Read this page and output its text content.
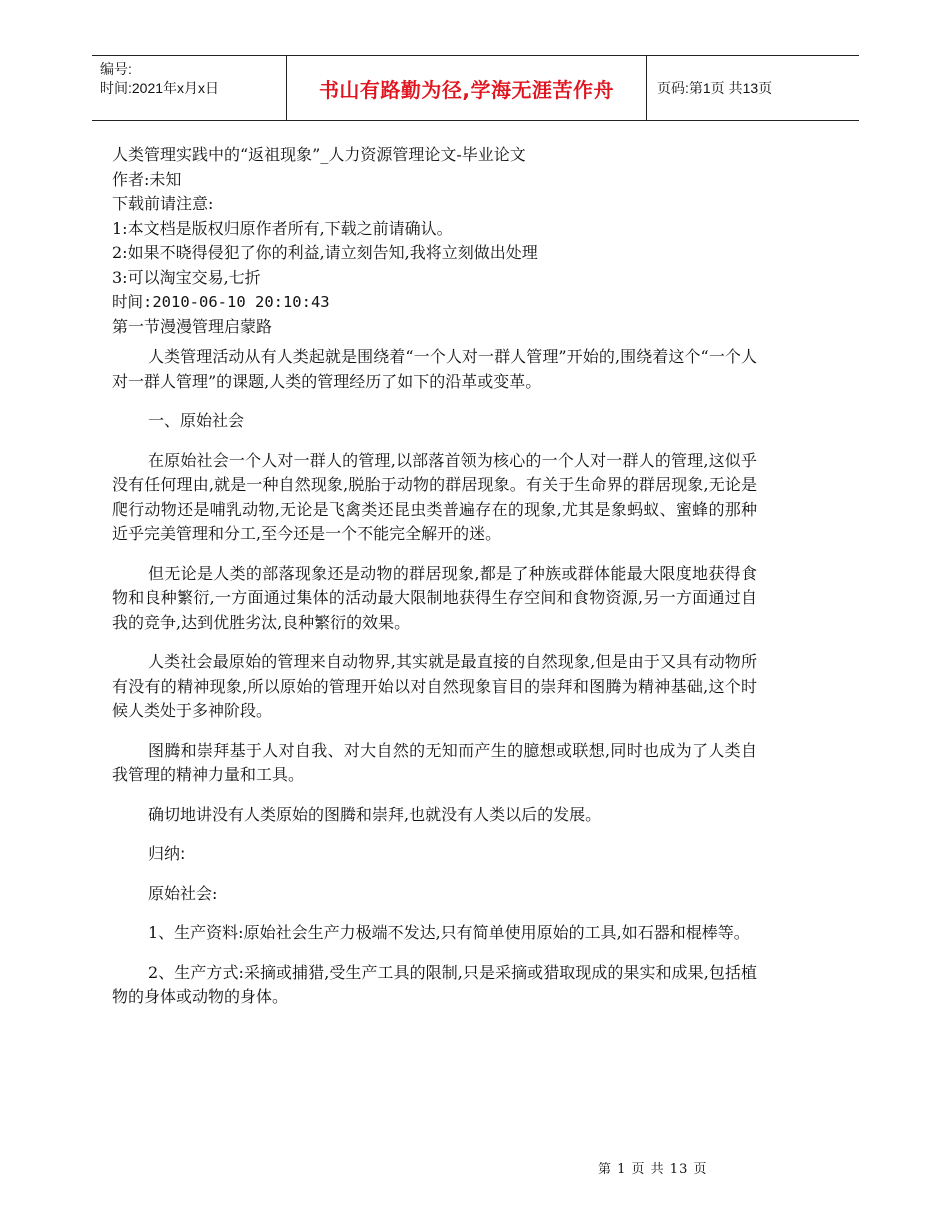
编号:
时间:2021年x月x日	书山有路勤为径,学海无涯苦作舟	页码:第1页 共13页
人类管理实践中的“返祖现象”_人力资源管理论文-毕业论文
作者:未知
下载前请注意:
1:本文档是版权归原作者所有,下载之前请确认。
2:如果不晓得侵犯了你的利益,请立刻告知,我将立刻做出处理
3:可以淘宝交易,七折
时间:2010-06-10 20:10:43
第一节漫漫管理启蒙路

人类管理活动从有人类起就是围绕着“一个人对一群人管理”开始的,围绕着这个“一个人对一群人管理”的课题,人类的管理经历了如下的沿革或变革。

一、原始社会

在原始社会一个人对一群人的管理,以部落首领为核心的一个人对一群人的管理,这似乎没有任何理由,就是一种自然现象,脱胎于动物的群居现象。有关于生命界的群居现象,无论是爬行动物还是哺乳动物,无论是飞禽类还昆虫类普遍存在的现象,尤其是象蚂蚁、蜜蜂的那种近乎完美管理和分工,至今还是一个不能完全解开的迷。

但无论是人类的部落现象还是动物的群居现象,都是了种族或群体能最大限度地获得食物和良种繁衍,一方面通过集体的活动最大限制地获得生存空间和食物资源,另一方面通过自我的竞争,达到优胜劣汰,良种繁衍的效果。

人类社会最原始的管理来自动物界,其实就是最直接的自然现象,但是由于又具有动物所有没有的精神现象,所以原始的管理开始以对自然现象盲目的崇拜和图腾为精神基础,这个时候人类处于多神阶段。

图腾和崇拜基于人对自我、对大自然的无知而产生的臆想或联想,同时也成为了人类自我管理的精神力量和工具。

确切地讲没有人类原始的图腾和崇拜,也就没有人类以后的发展。

归纳:

原始社会:

1、生产资料:原始社会生产力极端不发达,只有简单使用原始的工具,如石器和棍棒等。

2、生产方式:采摘或捕猎,受生产工具的限制,只是采摘或猎取现成的果实和成果,包括植物的身体或动物的身体。

第 1 页 共 13 页
